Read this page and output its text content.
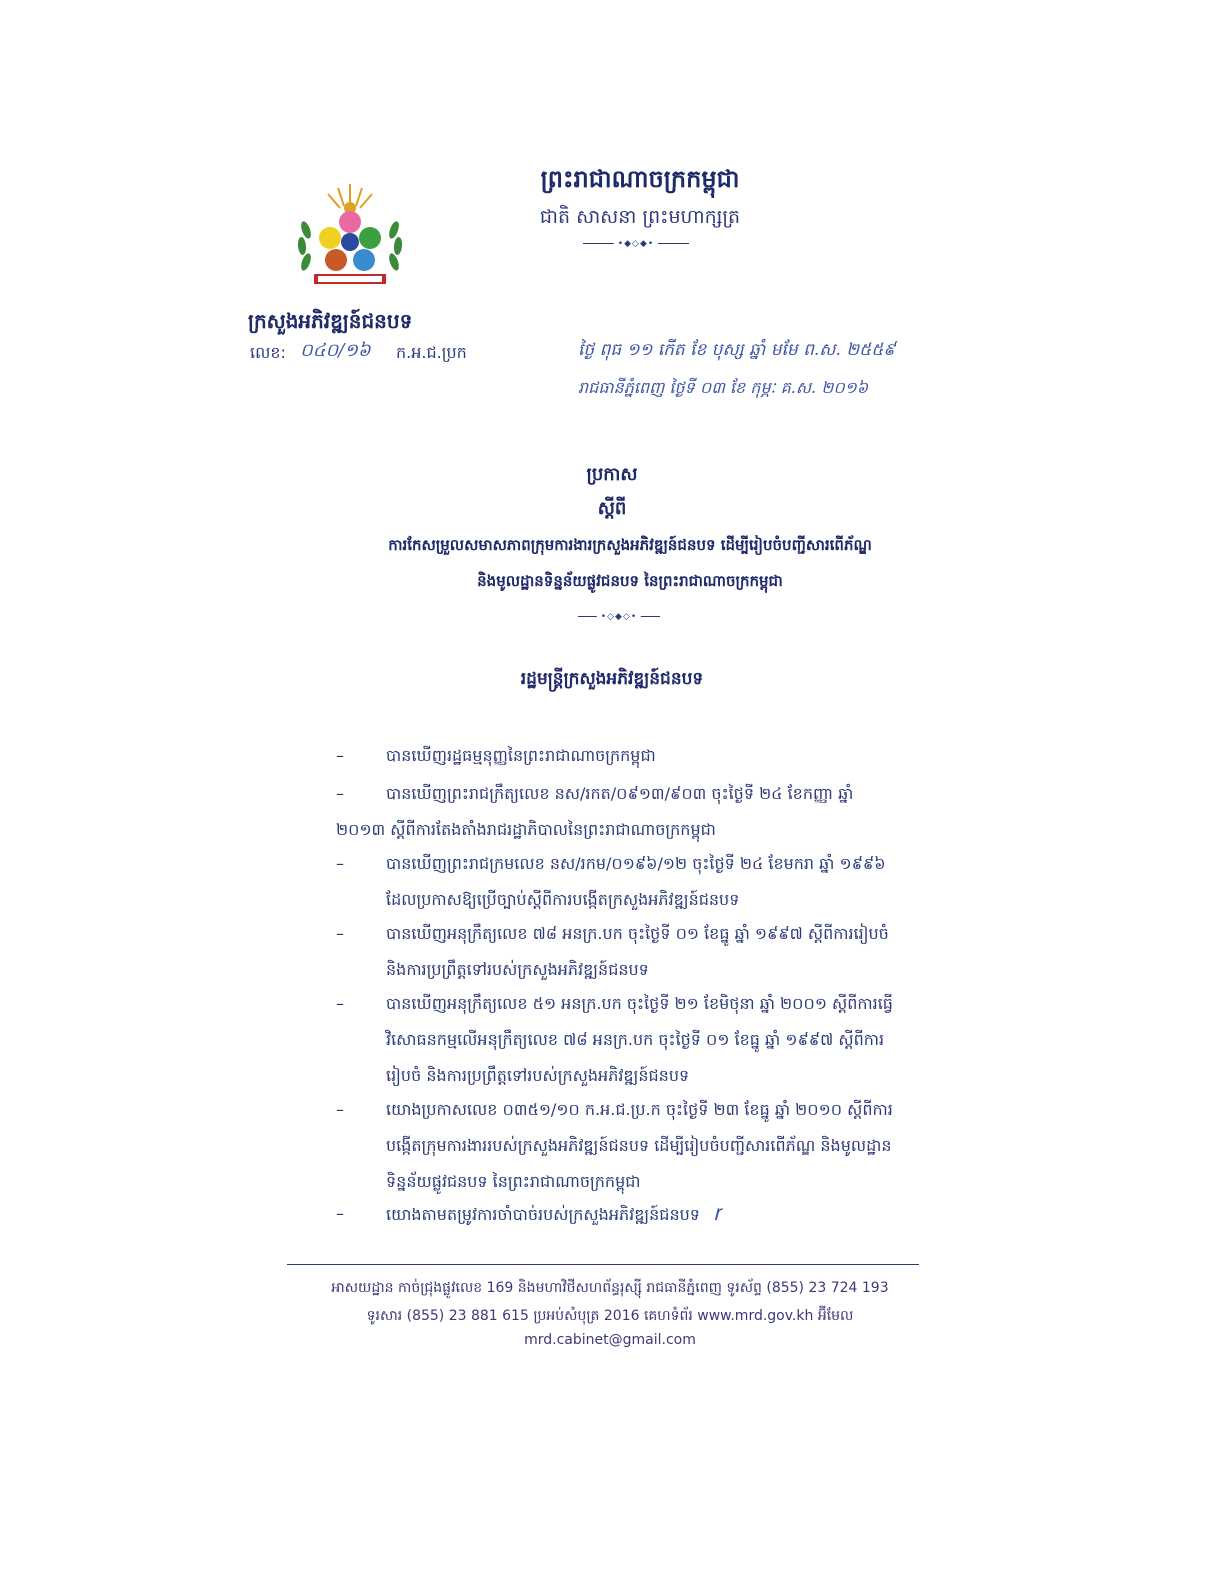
ព្រះរាជាណាចក្រកម្ពុជា
ជាតិ សាសនា ព្រះមហាក្សត្រ
•◆◇◆•
ក្រសួងអភិវឌ្ឍន៍ជនបទ
លេខ: ០៤០/១៦ ក.អ.ជ.ប្រក	ថ្ងៃ ពុធ ១១ កើត ខែ បុស្ស ឆ្នាំ មមែ ព.ស. ២៥៥៩
រាជធានីភ្នំពេញ ថ្ងៃទី ០៣ ខែ កុម្ភៈ គ.ស. ២០១៦
ប្រកាស
ស្តីពី
ការកែសម្រួលសមាសភាពក្រុមការងារក្រសួងអភិវឌ្ឍន៍ជនបទ ដើម្បីរៀបចំបញ្ជីសារពើភ័ណ្ឌ
និងមូលដ្ឋានទិន្នន័យផ្លូវជនបទ នៃព្រះរាជាណាចក្រកម្ពុជា
•◇◆◇•
រដ្ឋមន្ត្រីក្រសួងអភិវឌ្ឍន៍ជនបទ
–	បានឃើញរដ្ឋធម្មនុញ្ញនៃព្រះរាជាណាចក្រកម្ពុជា
–	បានឃើញព្រះរាជក្រឹត្យលេខ នស/រកត/០៩១៣/៩០៣ ចុះថ្ងៃទី ២៤ ខែកញ្ញា ឆ្នាំ
២០១៣ ស្តីពីការតែងតាំងរាជរដ្ឋាភិបាលនៃព្រះរាជាណាចក្រកម្ពុជា
–	បានឃើញព្រះរាជក្រមលេខ នស/រកម/០១៩៦/១២ ចុះថ្ងៃទី ២៤ ខែមករា ឆ្នាំ ១៩៩៦
ដែលប្រកាសឱ្យប្រើច្បាប់ស្តីពីការបង្កើតក្រសួងអភិវឌ្ឍន៍ជនបទ
–	បានឃើញអនុក្រឹត្យលេខ ៧៨ អនក្រ.បក ចុះថ្ងៃទី ០១ ខែធ្នូ ឆ្នាំ ១៩៩៧ ស្តីពីការរៀបចំ
និងការប្រព្រឹត្តទៅរបស់ក្រសួងអភិវឌ្ឍន៍ជនបទ
–	បានឃើញអនុក្រឹត្យលេខ ៥១ អនក្រ.បក ចុះថ្ងៃទី ២១ ខែមិថុនា ឆ្នាំ ២០០១ ស្តីពីការធ្វើ
វិសោធនកម្មលើអនុក្រឹត្យលេខ ៧៨ អនក្រ.បក ចុះថ្ងៃទី ០១ ខែធ្នូ ឆ្នាំ ១៩៩៧ ស្តីពីការ
រៀបចំ និងការប្រព្រឹត្តទៅរបស់ក្រសួងអភិវឌ្ឍន៍ជនបទ
–	យោងប្រកាសលេខ ០៣៥១/១០ ក.អ.ជ.ប្រ.ក ចុះថ្ងៃទី ២៣ ខែធ្នូ ឆ្នាំ ២០១០ ស្តីពីការ
បង្កើតក្រុមការងាររបស់ក្រសួងអភិវឌ្ឍន៍ជនបទ ដើម្បីរៀបចំបញ្ជីសារពើភ័ណ្ឌ និងមូលដ្ឋាន
ទិន្នន័យផ្លូវជនបទ នៃព្រះរាជាណាចក្រកម្ពុជា
–	យោងតាមតម្រូវការចាំបាច់របស់ក្រសួងអភិវឌ្ឍន៍ជនបទ ꭇ
អាសយដ្ឋាន កាច់ជ្រុងផ្លូវលេខ 169 និងមហាវិថីសហព័ន្ធរុស្ស៊ី រាជធានីភ្នំពេញ ទូរស័ព្ទ (855) 23 724 193
ទូរសារ (855) 23 881 615 ប្រអប់សំបុត្រ 2016 គេហទំព័រ www.mrd.gov.kh អ៊ីមែល mrd.cabinet@gmail.com
